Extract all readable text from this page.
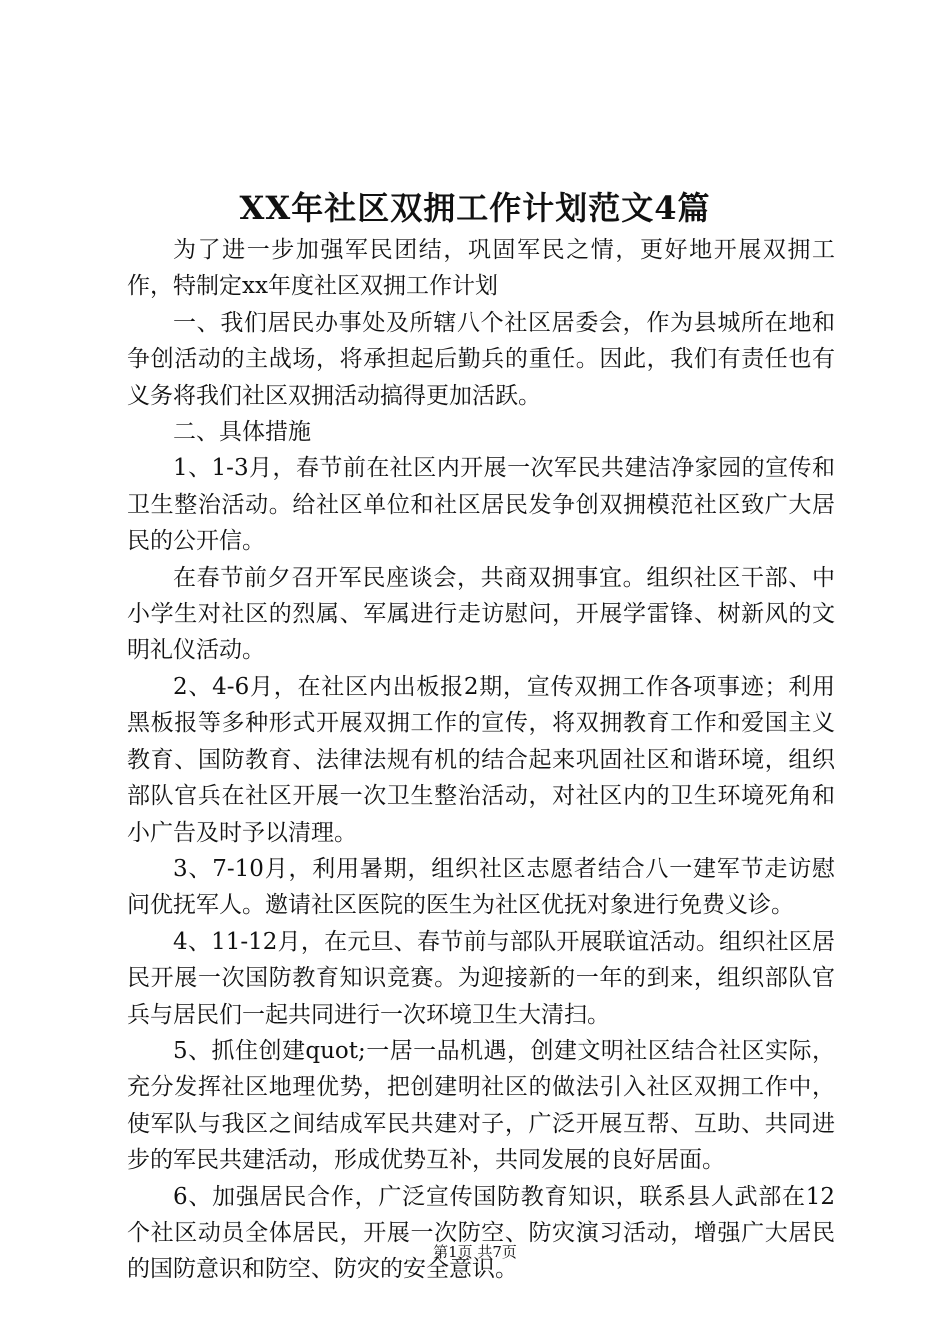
XX年社区双拥工作计划范文4篇

为了进一步加强军民团结，巩固军民之情，更好地开展双拥工作，特制定xx年度社区双拥工作计划

一、我们居民办事处及所辖八个社区居委会，作为县城所在地和争创活动的主战场，将承担起后勤兵的重任。因此，我们有责任也有义务将我们社区双拥活动搞得更加活跃。

二、具体措施

1、1-3月，春节前在社区内开展一次军民共建洁净家园的宣传和卫生整治活动。给社区单位和社区居民发争创双拥模范社区致广大居民的公开信。

在春节前夕召开军民座谈会，共商双拥事宜。组织社区干部、中小学生对社区的烈属、军属进行走访慰问，开展学雷锋、树新风的文明礼仪活动。

2、4-6月，在社区内出板报2期，宣传双拥工作各项事迹；利用黑板报等多种形式开展双拥工作的宣传，将双拥教育工作和爱国主义教育、国防教育、法律法规有机的结合起来巩固社区和谐环境，组织部队官兵在社区开展一次卫生整治活动，对社区内的卫生环境死角和小广告及时予以清理。

3、7-10月，利用暑期，组织社区志愿者结合八一建军节走访慰问优抚军人。邀请社区医院的医生为社区优抚对象进行免费义诊。

4、11-12月，在元旦、春节前与部队开展联谊活动。组织社区居民开展一次国防教育知识竞赛。为迎接新的一年的到来，组织部队官兵与居民们一起共同进行一次环境卫生大清扫。

5、抓住创建quot;一居一品机遇，创建文明社区结合社区实际，充分发挥社区地理优势，把创建明社区的做法引入社区双拥工作中，使军队与我区之间结成军民共建对子，广泛开展互帮、互助、共同进步的军民共建活动，形成优势互补，共同发展的良好居面。

6、加强居民合作，广泛宣传国防教育知识，联系县人武部在12个社区动员全体居民，开展一次防空、防灾演习活动，增强广大居民的国防意识和防空、防灾的安全意识。

第1页 共7页
